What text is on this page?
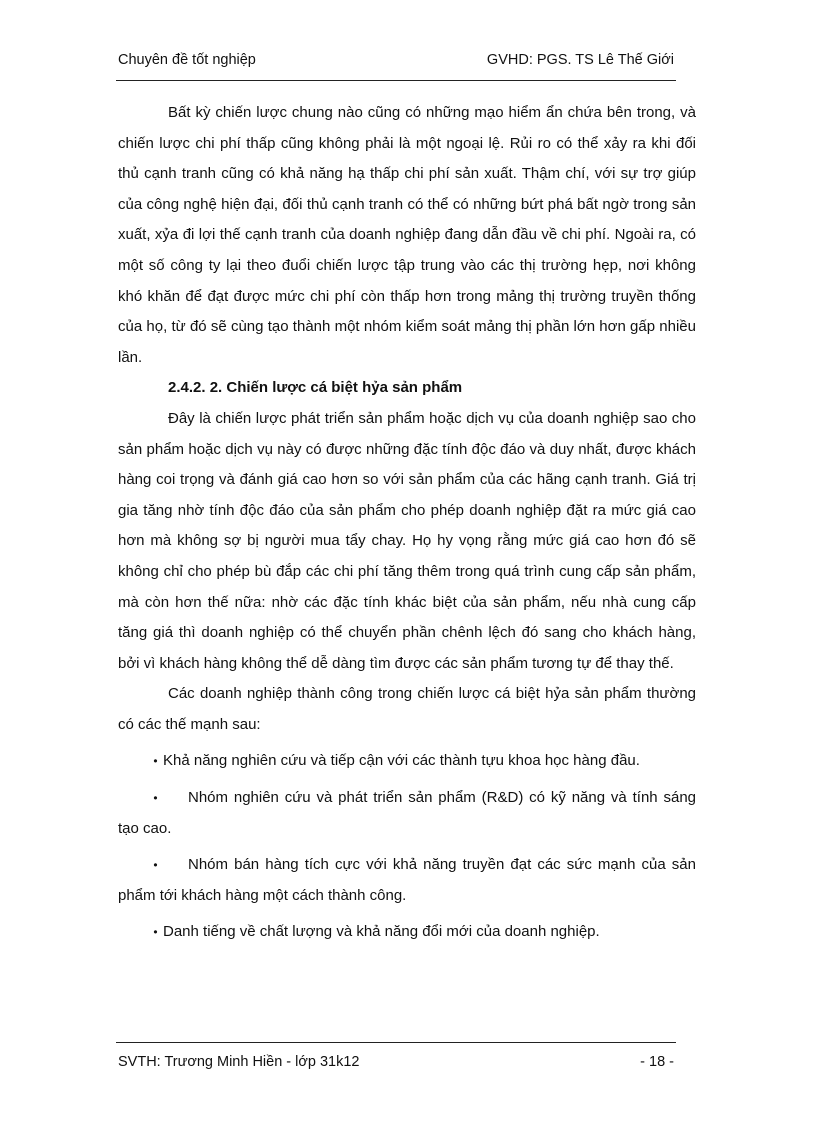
Chuyên đề tốt nghiệp	GVHD: PGS. TS Lê Thế Giới

Bất kỳ chiến lược chung nào cũng có những mạo hiểm ẩn chứa bên trong, và chiến lược chi phí thấp cũng không phải là một ngoại lệ. Rủi ro có thể xảy ra khi đối thủ cạnh tranh cũng có khả năng hạ thấp chi phí sản xuất. Thậm chí, với sự trợ giúp của công nghệ hiện đại, đối thủ cạnh tranh có thể có những bứt phá bất ngờ trong sản xuất, xỷa đi lợi thế cạnh tranh của doanh nghiệp đang dẫn đầu về chi phí. Ngoài ra, có một số công ty lại theo đuổi chiến lược tập trung vào các thị trường hẹp, nơi không khó khăn để đạt được mức chi phí còn thấp hơn trong mảng thị trường truyền thống của họ, từ đó sẽ cùng tạo thành một nhóm kiểm soát mảng thị phần lớn hơn gấp nhiều lần.

2.4.2. 2. Chiến lược cá biệt hỷa sản phẩm

Đây là chiến lược phát triển sản phẩm hoặc dịch vụ của doanh nghiệp sao cho sản phẩm hoặc dịch vụ này có được những đặc tính độc đáo và duy nhất, được khách hàng coi trọng và đánh giá cao hơn so với sản phẩm của các hãng cạnh tranh. Giá trị gia tăng nhờ tính độc đáo của sản phẩm cho phép doanh nghiệp đặt ra mức giá cao hơn mà không sợ bị người mua tẩy chay. Họ hy vọng rằng mức giá cao hơn đó sẽ không chỉ cho phép bù đắp các chi phí tăng thêm trong quá trình cung cấp sản phẩm, mà còn hơn thế nữa: nhờ các đặc tính khác biệt của sản phẩm, nếu nhà cung cấp tăng giá thì doanh nghiệp có thể chuyển phần chênh lệch đó sang cho khách hàng, bởi vì khách hàng không thể dễ dàng tìm được các sản phẩm tương tự để thay thế.

Các doanh nghiệp thành công trong chiến lược cá biệt hỷa sản phẩm thường có các thế mạnh sau:

• Khả năng nghiên cứu và tiếp cận với các thành tựu khoa học hàng đầu.
•	Nhóm nghiên cứu và phát triển sản phẩm (R&D) có kỹ năng và tính sáng tạo cao.
•	Nhóm bán hàng tích cực với khả năng truyền đạt các sức mạnh của sản phẩm tới khách hàng một cách thành công.
• Danh tiếng về chất lượng và khả năng đổi mới của doanh nghiệp.
SVTH: Trương Minh Hiền - lớp 31k12	- 18 -
